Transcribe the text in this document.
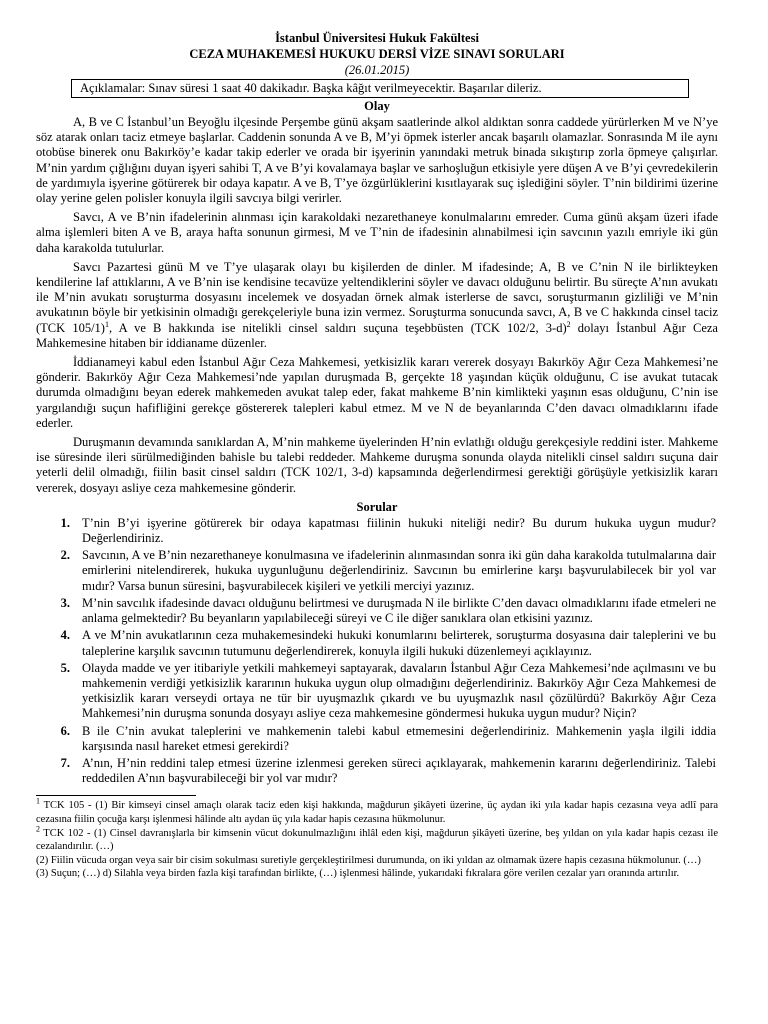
İstanbul Üniversitesi Hukuk Fakültesi
CEZA MUHAKEMESİ HUKUKU DERSİ VİZE SINAVI SORULARI
(26.01.2015)
Açıklamalar: Sınav süresi 1 saat 40 dakikadır. Başka kâğıt verilmeyecektir. Başarılar dileriz.
Olay

A, B ve C İstanbul’un Beyoğlu ilçesinde Perşembe günü akşam saatlerinde alkol aldıktan sonra caddede yürürlerken M ve N’ye söz atarak onları taciz etmeye başlarlar. Caddenin sonunda A ve B, M’yi öpmek isterler ancak başarılı olamazlar. Sonrasında M ile aynı otobüse binerek onu Bakırköy’e kadar takip ederler ve orada bir işyerinin yanındaki metruk binada sıkıştırıp zorla öpmeye çalışırlar. M’nin yardım çığlığını duyan işyeri sahibi T, A ve B’yi kovalamaya başlar ve sarhoşluğun etkisiyle yere düşen A ve B’yi çevredekilerin de yardımıyla işyerine götürerek bir odaya kapatır. A ve B, T’ye özgürlüklerini kısıtlayarak suç işlediğini söyler. T’nin bildirimi üzerine olay yerine gelen polisler konuyla ilgili savcıya bilgi verirler.

Savcı, A ve B’nin ifadelerinin alınması için karakoldaki nezarethaneye konulmalarını emreder. Cuma günü akşam üzeri ifade alma işlemleri biten A ve B, araya hafta sonunun girmesi, M ve T’nin de ifadesinin alınabilmesi için savcının yazılı emriyle iki gün daha karakolda tutulurlar.

Savcı Pazartesi günü M ve T’ye ulaşarak olayı bu kişilerden de dinler. M ifadesinde; A, B ve C’nin N ile birlikteyken kendilerine laf attıklarını, A ve B’nin ise kendisine tecavüze yeltendiklerini söyler ve davacı olduğunu belirtir. Bu süreçte A’nın avukatı ile M’nin avukatı soruşturma dosyasını incelemek ve dosyadan örnek almak isterlerse de savcı, soruşturmanın gizliliği ve M’nin avukatının böyle bir yetkisinin olmadığı gerekçeleriyle buna izin vermez. Soruşturma sonucunda savcı, A, B ve C hakkında cinsel taciz (TCK 105/1)$^1$, A ve B hakkında ise nitelikli cinsel saldırı suçuna teşebbüsten (TCK 102/2, 3-d)$^2$ dolayı İstanbul Ağır Ceza Mahkemesine hitaben bir iddianame düzenler.

İddianameyi kabul eden İstanbul Ağır Ceza Mahkemesi, yetkisizlik kararı vererek dosyayı Bakırköy Ağır Ceza Mahkemesi’ne gönderir. Bakırköy Ağır Ceza Mahkemesi’nde yapılan duruşmada B, gerçekte 18 yaşından küçük olduğunu, C ise avukat tutacak durumda olmadığını beyan ederek mahkemeden avukat talep eder, fakat mahkeme B’nin kimlikteki yaşının esas olduğunu, C’nin ise yargılandığı suçun hafifliğini gerekçe göstererek talepleri kabul etmez. M ve N de beyanlarında C’den davacı olmadıklarını ifade ederler.

Duruşmanın devamında sanıklardan A, M’nin mahkeme üyelerinden H’nin evlatlığı olduğu gerekçesiyle reddini ister. Mahkeme ise süresinde ileri sürülmediğinden bahisle bu talebi reddeder. Mahkeme duruşma sonunda olayda nitelikli cinsel saldırı suçuna dair yeterli delil olmadığı, fiilin basit cinsel saldırı (TCK 102/1, 3-d) kapsamında değerlendirmesi gerektiği görüşüyle yetkisizlik kararı vererek, dosyayı asliye ceza mahkemesine gönderir.

Sorular
1. T’nin B’yi işyerine götürerek bir odaya kapatması fiilinin hukuki niteliği nedir? Bu durum hukuka uygun mudur? Değerlendiriniz.
2. Savcının, A ve B’nin nezarethaneye konulmasına ve ifadelerinin alınmasından sonra iki gün daha karakolda tutulmalarına dair emirlerini nitelendirerek, hukuka uygunluğunu değerlendiriniz. Savcının bu emirlerine karşı başvurulabilecek bir yol var mıdır? Varsa bunun süresini, başvurabilecek kişileri ve yetkili merciyi yazınız.
3. M’nin savcılık ifadesinde davacı olduğunu belirtmesi ve duruşmada N ile birlikte C’den davacı olmadıklarını ifade etmeleri ne anlama gelmektedir? Bu beyanların yapılabileceği süreyi ve C ile diğer sanıklara olan etkisini yazınız.
4. A ve M’nin avukatlarının ceza muhakemesindeki hukuki konumlarını belirterek, soruşturma dosyasına dair taleplerini ve bu taleplerine karşılık savcının tutumunu değerlendirerek, konuyla ilgili hukuki düzenlemeyi açıklayınız.
5. Olayda madde ve yer itibariyle yetkili mahkemeyi saptayarak, davaların İstanbul Ağır Ceza Mahkemesi’nde açılmasını ve bu mahkemenin verdiği yetkisizlik kararının hukuka uygun olup olmadığını değerlendiriniz. Bakırköy Ağır Ceza Mahkemesi de yetkisizlik kararı verseydi ortaya ne tür bir uyuşmazlık çıkardı ve bu uyuşmazlık nasıl çözülürdü? Bakırköy Ağır Ceza Mahkemesi’nin duruşma sonunda dosyayı asliye ceza mahkemesine göndermesi hukuka uygun mudur? Niçin?
6. B ile C’nin avukat taleplerini ve mahkemenin talebi kabul etmemesini değerlendiriniz. Mahkemenin yaşla ilgili iddia karşısında nasıl hareket etmesi gerekirdi?
7. A’nın, H’nin reddini talep etmesi üzerine izlenmesi gereken süreci açıklayarak, mahkemenin kararını değerlendiriniz. Talebi reddedilen A’nın başvurabileceği bir yol var mıdır?

$^1$ TCK 105 - (1) Bir kimseyi cinsel amaçlı olarak taciz eden kişi hakkında, mağdurun şikâyeti üzerine, üç aydan iki yıla kadar hapis cezasına veya adlî para cezasına fiilin çocuğa karşı işlenmesi hâlinde altı aydan üç yıla kadar hapis cezasına hükmolunur.

$^2$ TCK 102 - (1) Cinsel davranışlarla bir kimsenin vücut dokunulmazlığını ihlâl eden kişi, mağdurun şikâyeti üzerine, beş yıldan on yıla kadar hapis cezası ile cezalandırılır. (…)

(2) Fiilin vücuda organ veya sair bir cisim sokulması suretiyle gerçekleştirilmesi durumunda, on iki yıldan az olmamak üzere hapis cezasına hükmolunur. (…)

(3) Suçun; (…) d) Silahla veya birden fazla kişi tarafından birlikte, (…) işlenmesi hâlinde, yukarıdaki fıkralara göre verilen cezalar yarı oranında artırılır.
